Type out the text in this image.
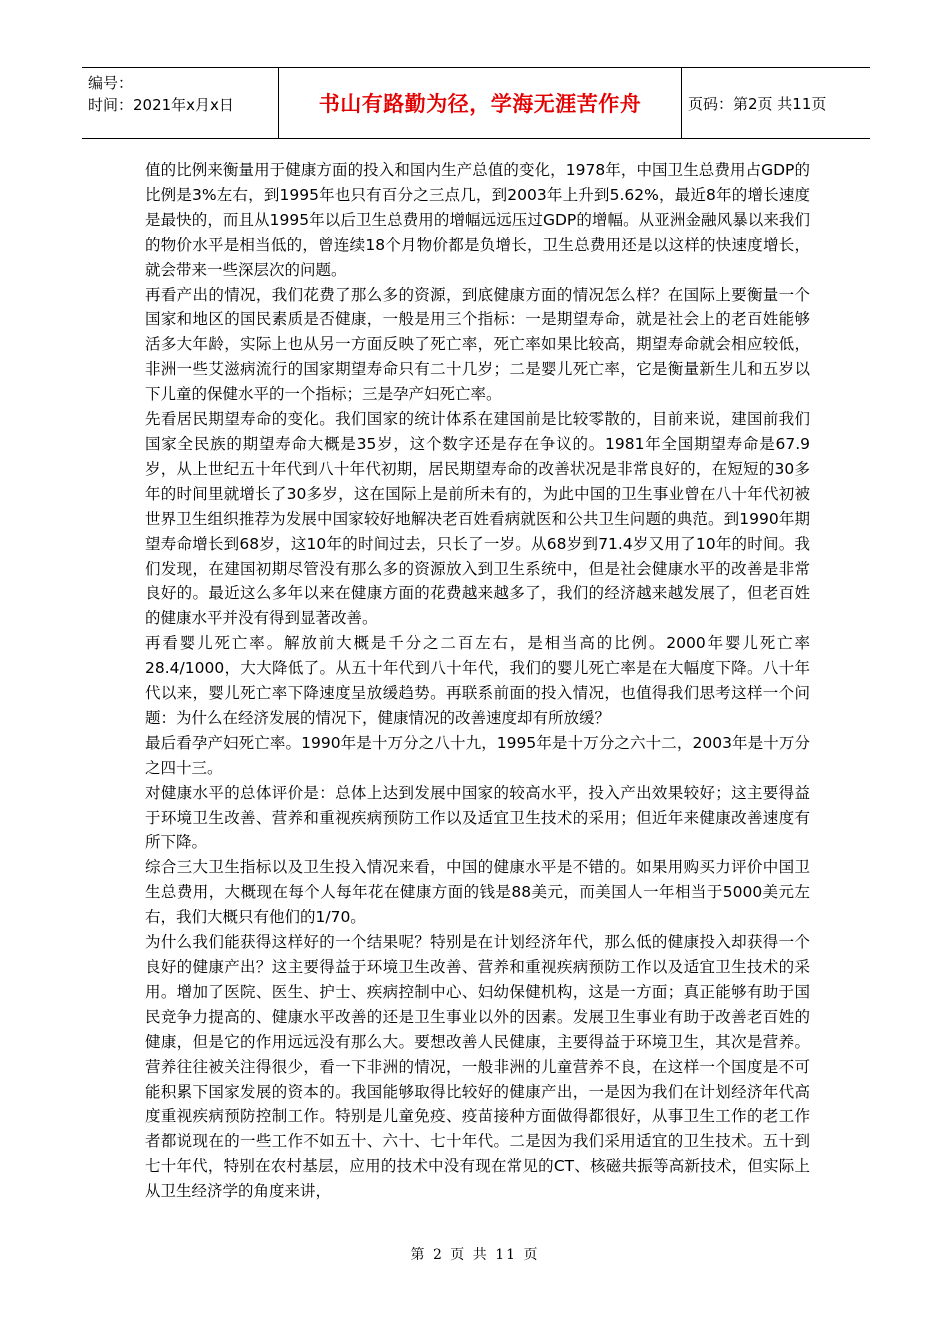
编号：
时间：2021年x月x日	书山有路勤为径，学海无涯苦作舟	页码：第2页 共11页

值的比例来衡量用于健康方面的投入和国内生产总值的变化，1978年，中国卫生总费用占GDP的比例是3%左右，到1995年也只有百分之三点几，到2003年上升到5.62%，最近8年的增长速度是最快的，而且从1995年以后卫生总费用的增幅远远压过GDP的增幅。从亚洲金融风暴以来我们的物价水平是相当低的，曾连续18个月物价都是负增长，卫生总费用还是以这样的快速度增长，就会带来一些深层次的问题。

再看产出的情况，我们花费了那么多的资源，到底健康方面的情况怎么样？在国际上要衡量一个国家和地区的国民素质是否健康，一般是用三个指标：一是期望寿命，就是社会上的老百姓能够活多大年龄，实际上也从另一方面反映了死亡率，死亡率如果比较高，期望寿命就会相应较低，非洲一些艾滋病流行的国家期望寿命只有二十几岁；二是婴儿死亡率，它是衡量新生儿和五岁以下儿童的保健水平的一个指标；三是孕产妇死亡率。

先看居民期望寿命的变化。我们国家的统计体系在建国前是比较零散的，目前来说，建国前我们国家全民族的期望寿命大概是35岁，这个数字还是存在争议的。1981年全国期望寿命是67.9岁，从上世纪五十年代到八十年代初期，居民期望寿命的改善状况是非常良好的，在短短的30多年的时间里就增长了30多岁，这在国际上是前所未有的，为此中国的卫生事业曾在八十年代初被世界卫生组织推荐为发展中国家较好地解决老百姓看病就医和公共卫生问题的典范。到1990年期望寿命增长到68岁，这10年的时间过去，只长了一岁。从68岁到71.4岁又用了10年的时间。我们发现，在建国初期尽管没有那么多的资源放入到卫生系统中，但是社会健康水平的改善是非常良好的。最近这么多年以来在健康方面的花费越来越多了，我们的经济越来越发展了，但老百姓的健康水平并没有得到显著改善。

再看婴儿死亡率。解放前大概是千分之二百左右，是相当高的比例。2000年婴儿死亡率28.4/1000，大大降低了。从五十年代到八十年代，我们的婴儿死亡率是在大幅度下降。八十年代以来，婴儿死亡率下降速度呈放缓趋势。再联系前面的投入情况，也值得我们思考这样一个问题：为什么在经济发展的情况下，健康情况的改善速度却有所放缓？

最后看孕产妇死亡率。1990年是十万分之八十九，1995年是十万分之六十二，2003年是十万分之四十三。

对健康水平的总体评价是：总体上达到发展中国家的较高水平，投入产出效果较好；这主要得益于环境卫生改善、营养和重视疾病预防工作以及适宜卫生技术的采用；但近年来健康改善速度有所下降。

综合三大卫生指标以及卫生投入情况来看，中国的健康水平是不错的。如果用购买力评价中国卫生总费用，大概现在每个人每年花在健康方面的钱是88美元，而美国人一年相当于5000美元左右，我们大概只有他们的1/70。

为什么我们能获得这样好的一个结果呢？特别是在计划经济年代，那么低的健康投入却获得一个良好的健康产出？这主要得益于环境卫生改善、营养和重视疾病预防工作以及适宜卫生技术的采用。增加了医院、医生、护士、疾病控制中心、妇幼保健机构，这是一方面；真正能够有助于国民竞争力提高的、健康水平改善的还是卫生事业以外的因素。发展卫生事业有助于改善老百姓的健康，但是它的作用远远没有那么大。要想改善人民健康，主要得益于环境卫生，其次是营养。营养往往被关注得很少，看一下非洲的情况，一般非洲的儿童营养不良，在这样一个国度是不可能积累下国家发展的资本的。我国能够取得比较好的健康产出，一是因为我们在计划经济年代高度重视疾病预防控制工作。特别是儿童免疫、疫苗接种方面做得都很好，从事卫生工作的老工作者都说现在的一些工作不如五十、六十、七十年代。二是因为我们采用适宜的卫生技术。五十到七十年代，特别在农村基层，应用的技术中没有现在常见的CT、核磁共振等高新技术，但实际上从卫生经济学的角度来讲，

第 2 页 共 11 页
